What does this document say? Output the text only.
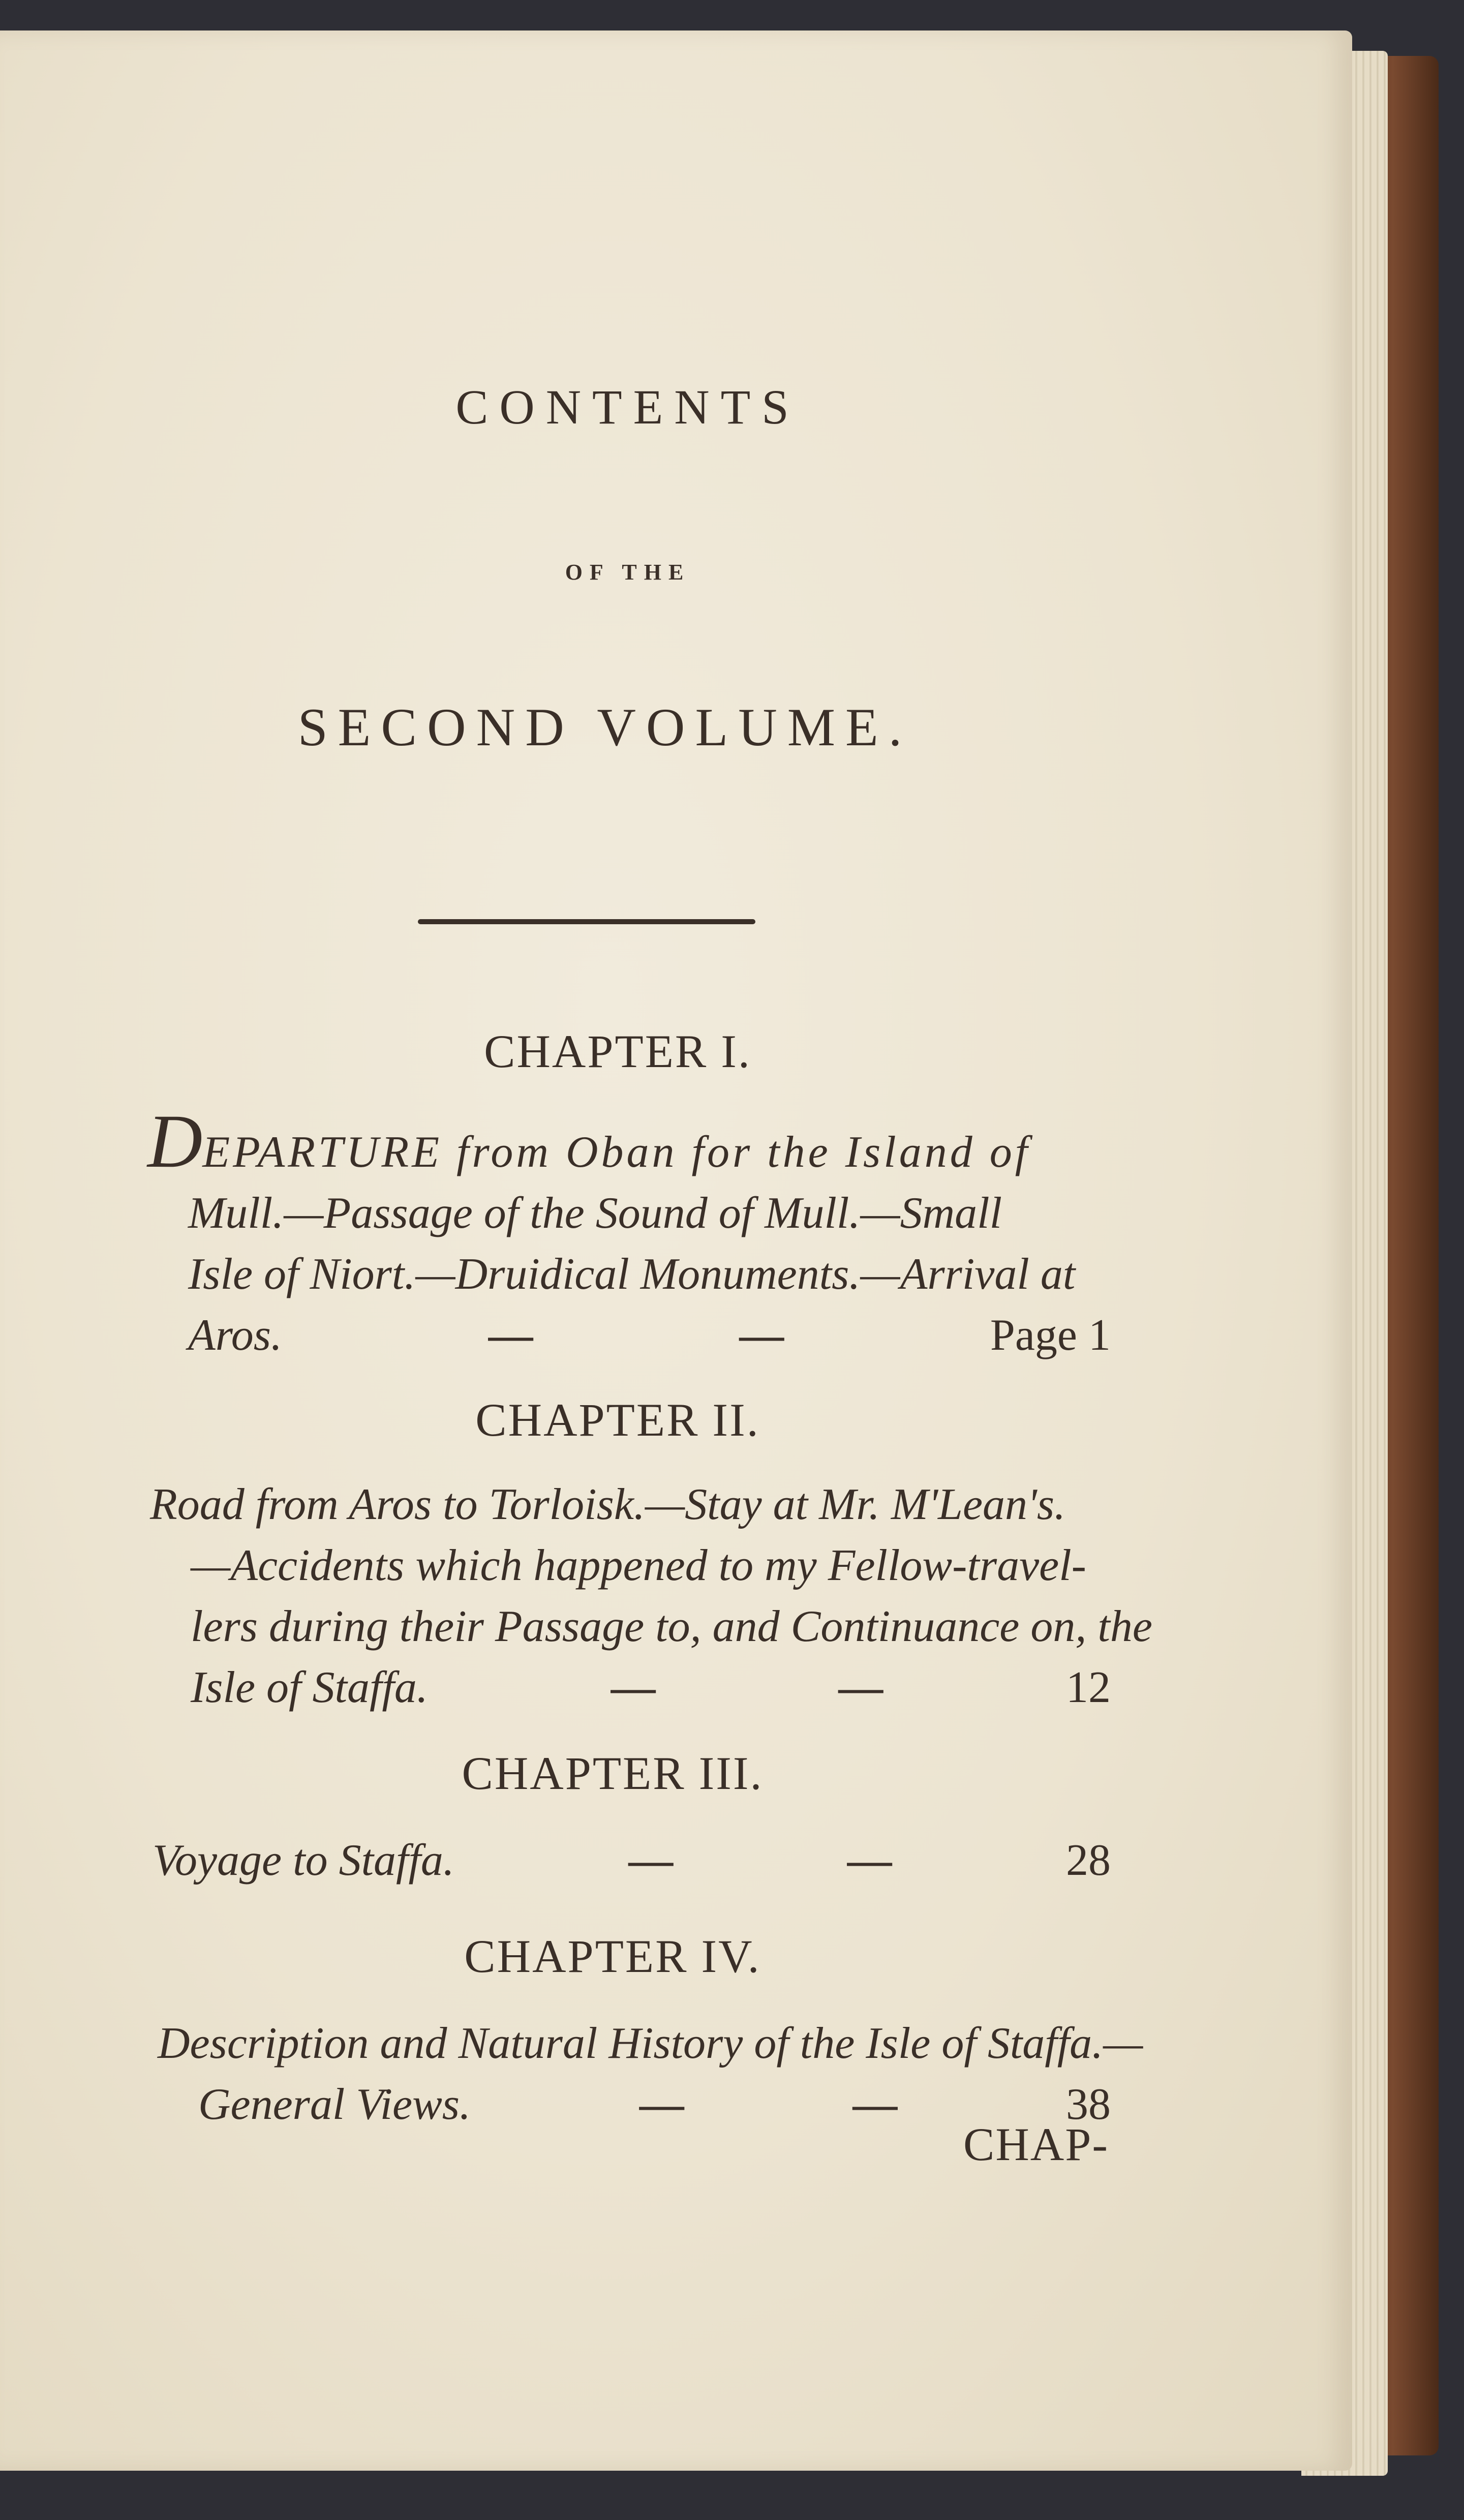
CONTENTS
OF THE
SECOND VOLUME.
CHAPTER I.
DEPARTURE from Oban for the Island of
Mull.—Passage of the Sound of Mull.—Small
Isle of Niort.—Druidical Monuments.—Arrival at
Aros.	—	—	Page 1
CHAPTER II.
Road from Aros to Torloisk.—Stay at Mr. M'Lean's.
—Accidents which happened to my Fellow-travel-
lers during their Passage to, and Continuance on, the
Isle of Staffa.	—	—	12
CHAPTER III.
Voyage to Staffa.	—	—	28
CHAPTER IV.
Description and Natural History of the Isle of Staffa.—
General Views.	—	—	38
CHAP-
